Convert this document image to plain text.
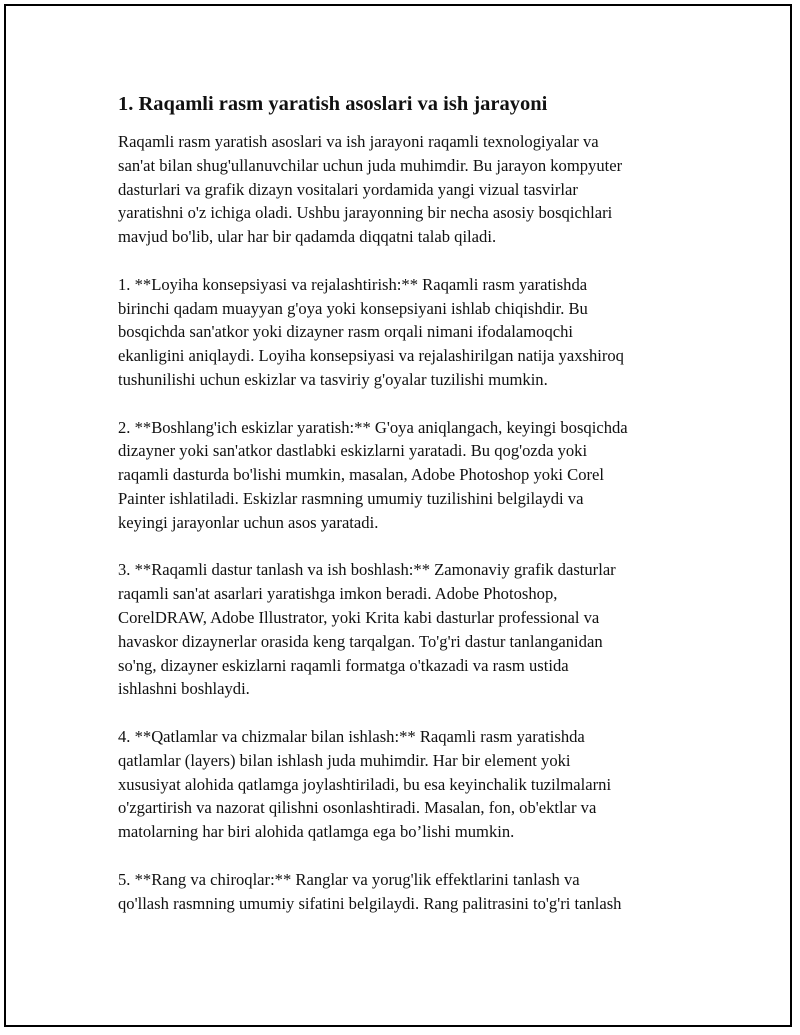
1. Raqamli rasm yaratish asoslari va ish jarayoni

Raqamli rasm yaratish asoslari va ish jarayoni raqamli texnologiyalar va
san'at bilan shug'ullanuvchilar uchun juda muhimdir. Bu jarayon kompyuter
dasturlari va grafik dizayn vositalari yordamida yangi vizual tasvirlar
yaratishni o'z ichiga oladi. Ushbu jarayonning bir necha asosiy bosqichlari
mavjud bo'lib, ular har bir qadamda diqqatni talab qiladi.

1. **Loyiha konsepsiyasi va rejalashtirish:** Raqamli rasm yaratishda
birinchi qadam muayyan g'oya yoki konsepsiyani ishlab chiqishdir. Bu
bosqichda san'atkor yoki dizayner rasm orqali nimani ifodalamoqchi
ekanligini aniqlaydi. Loyiha konsepsiyasi va rejalashirilgan natija yaxshiroq
tushunilishi uchun eskizlar va tasviriy g'oyalar tuzilishi mumkin.

2. **Boshlang'ich eskizlar yaratish:** G'oya aniqlangach, keyingi bosqichda
dizayner yoki san'atkor dastlabki eskizlarni yaratadi. Bu qog'ozda yoki
raqamli dasturda bo'lishi mumkin, masalan, Adobe Photoshop yoki Corel
Painter ishlatiladi. Eskizlar rasmning umumiy tuzilishini belgilaydi va
keyingi jarayonlar uchun asos yaratadi.

3. **Raqamli dastur tanlash va ish boshlash:** Zamonaviy grafik dasturlar
raqamli san'at asarlari yaratishga imkon beradi. Adobe Photoshop,
CorelDRAW, Adobe Illustrator, yoki Krita kabi dasturlar professional va
havaskor dizaynerlar orasida keng tarqalgan. To'g'ri dastur tanlanganidan
so'ng, dizayner eskizlarni raqamli formatga o'tkazadi va rasm ustida
ishlashni boshlaydi.

4. **Qatlamlar va chizmalar bilan ishlash:** Raqamli rasm yaratishda
qatlamlar (layers) bilan ishlash juda muhimdir. Har bir element yoki
xususiyat alohida qatlamga joylashtiriladi, bu esa keyinchalik tuzilmalarni
o'zgartirish va nazorat qilishni osonlashtiradi. Masalan, fon, ob'ektlar va
matolarning har biri alohida qatlamga ega bo’lishi mumkin.

5. **Rang va chiroqlar:** Ranglar va yorug'lik effektlarini tanlash va
qo'llash rasmning umumiy sifatini belgilaydi. Rang palitrasini to'g'ri tanlash
